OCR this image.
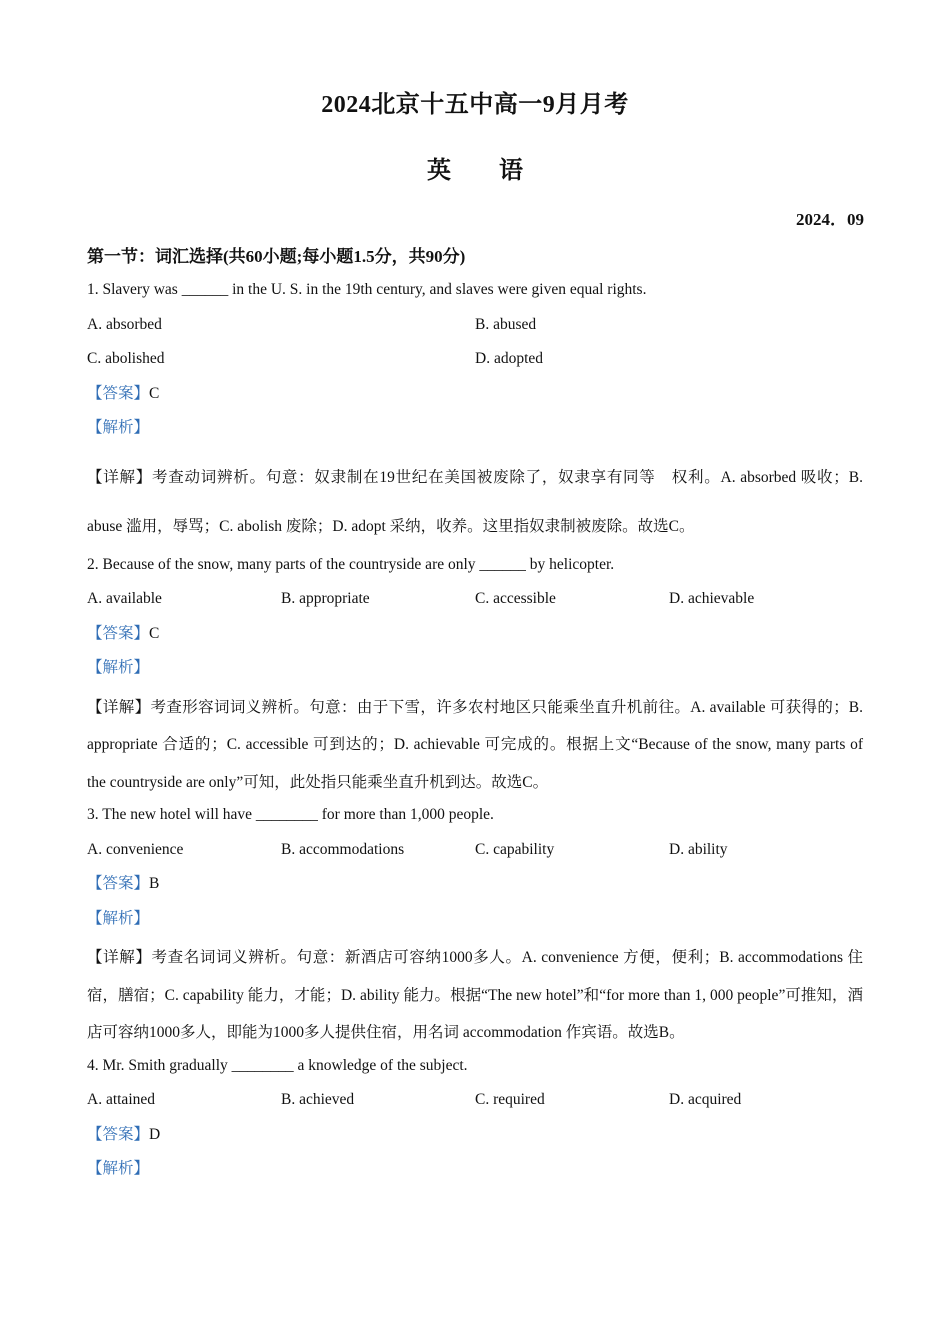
2024北京十五中高一9月月考
英 语
2024．09
第一节：词汇选择(共60小题;每小题1.5分，共90分)
1. Slavery was ______ in the U. S. in the 19th century, and slaves were given equal rights.
A. absorbed	B. abused
C. abolished	D. adopted
【答案】C
【解析】
【详解】考查动词辨析。句意：奴隶制在19世纪在美国被废除了，奴隶享有同等　权利。A. absorbed 吸收；B. abuse 滥用，辱骂；C. abolish 废除；D. adopt 采纳，收养。这里指奴隶制被废除。故选C。
2. Because of the snow, many parts of the countryside are only ______ by helicopter.
A. available	B. appropriate	C. accessible	D. achievable
【答案】C
【解析】
【详解】考查形容词词义辨析。句意：由于下雪，许多农村地区只能乘坐直升机前往。A. available 可获得的；B. appropriate 合适的；C. accessible 可到达的；D. achievable 可完成的。根据上文“Because of the snow, many parts of the countryside are only”可知，此处指只能乘坐直升机到达。故选C。
3. The new hotel will have ________ for more than 1,000 people.
A. convenience	B. accommodations	C. capability	D. ability
【答案】B
【解析】
【详解】考查名词词义辨析。句意：新酒店可容纳1000多人。A. convenience 方便，便利；B. accommodations 住宿，膳宿；C. capability 能力，才能；D. ability 能力。根据“The new hotel”和“for more than 1, 000 people”可推知，酒店可容纳1000多人，即能为1000多人提供住宿，用名词 accommodation 作宾语。故选B。
4. Mr. Smith gradually ________ a knowledge of the subject.
A. attained	B. achieved	C. required	D. acquired
【答案】D
【解析】
